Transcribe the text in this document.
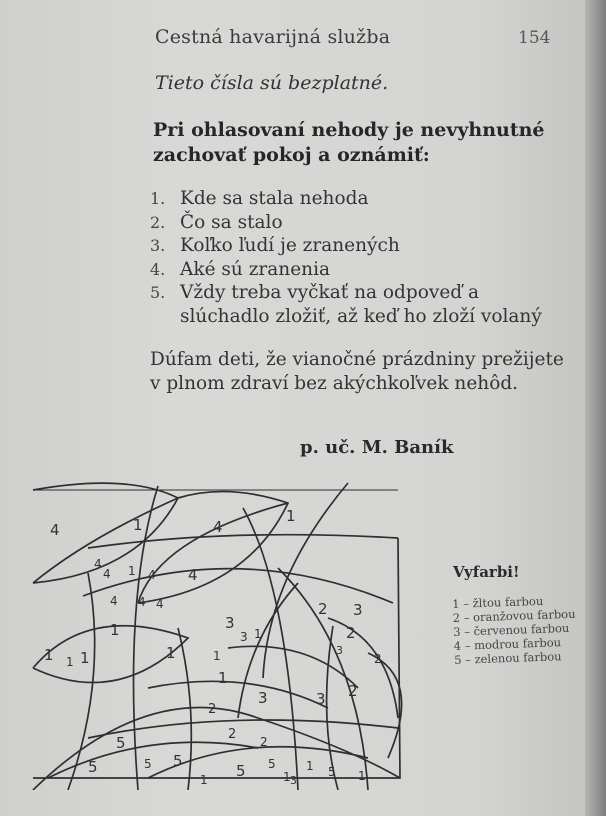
Cestná havarijná služba	154
Tieto čísla sú bezplatné.
Pri ohlasovaní nehody je nevyhnutné zachovať pokoj a oznámiť:
1. Kde sa stala nehoda
2. Čo sa stalo
3. Koľko ľudí je zranených
4. Aké sú zranenia
5. Vždy treba vyčkať na odpoveď a slúchadlo zložiť, až keď ho zloží volaný
Dúfam deti, že vianočné prázdniny prežijete v plnom zdraví bez akýchkoľvek nehôd.
p. uč. M. Baník
4	1	4
1
4
4 1 4 4
4 4 4
1
1 1 1	1	1
3
2 3
3 1
1
2
2
3	3 2
2
2
5
5	5 5
5
1
5
1 3
1
1
5
2
3
Vyfarbi!
1 – žltou farbou
2 – oranžovou farbou
3 – červenou farbou
4 – modrou farbou
5 – zelenou farbou
